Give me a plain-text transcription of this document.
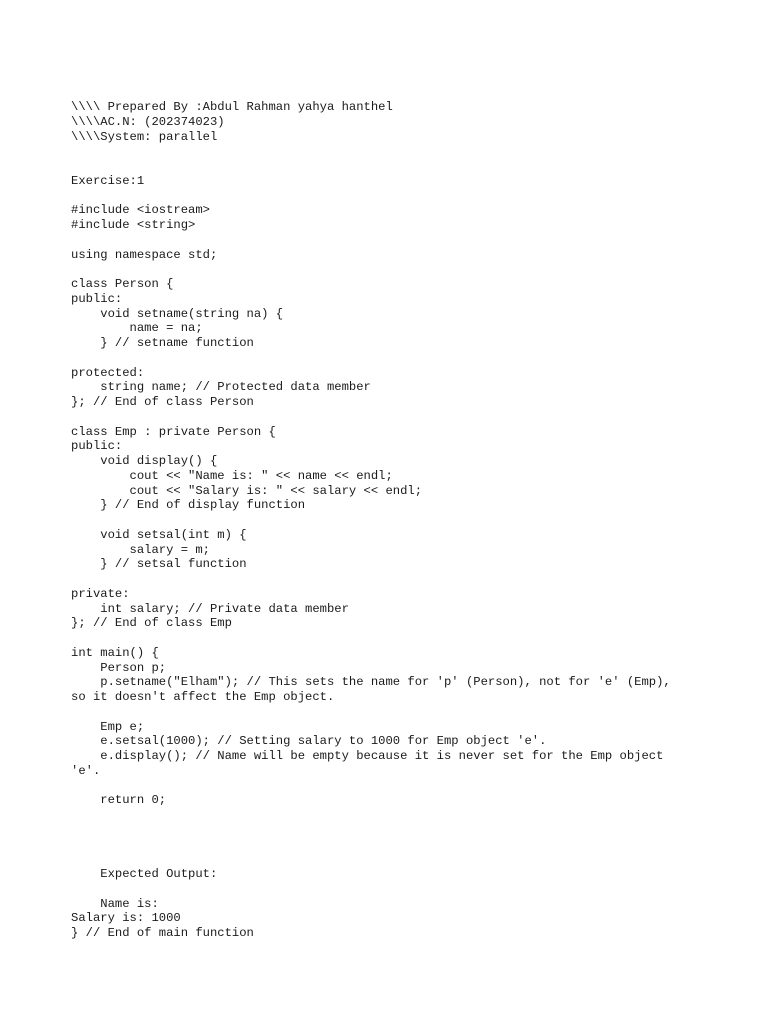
\\\\ Prepared By :Abdul Rahman yahya hanthel
\\\\AC.N: (202374023)
\\\\System: parallel
Exercise:1
#include <iostream>
#include <string>
using namespace std;
class Person {
public:
void setname(string na) {
name = na;
} // setname function
protected:
string name; // Protected data member
}; // End of class Person
class Emp : private Person {
public:
void display() {
cout << "Name is: " << name << endl;
cout << "Salary is: " << salary << endl;
} // End of display function
void setsal(int m) {
salary = m;
} // setsal function
private:
int salary; // Private data member
}; // End of class Emp
int main() {
Person p;
p.setname("Elham"); // This sets the name for 'p' (Person), not for 'e' (Emp),
so it doesn't affect the Emp object.
Emp e;
e.setsal(1000); // Setting salary to 1000 for Emp object 'e'.
e.display(); // Name will be empty because it is never set for the Emp object
'e'.
return 0;
Expected Output:
Name is:
Salary is: 1000
} // End of main function
